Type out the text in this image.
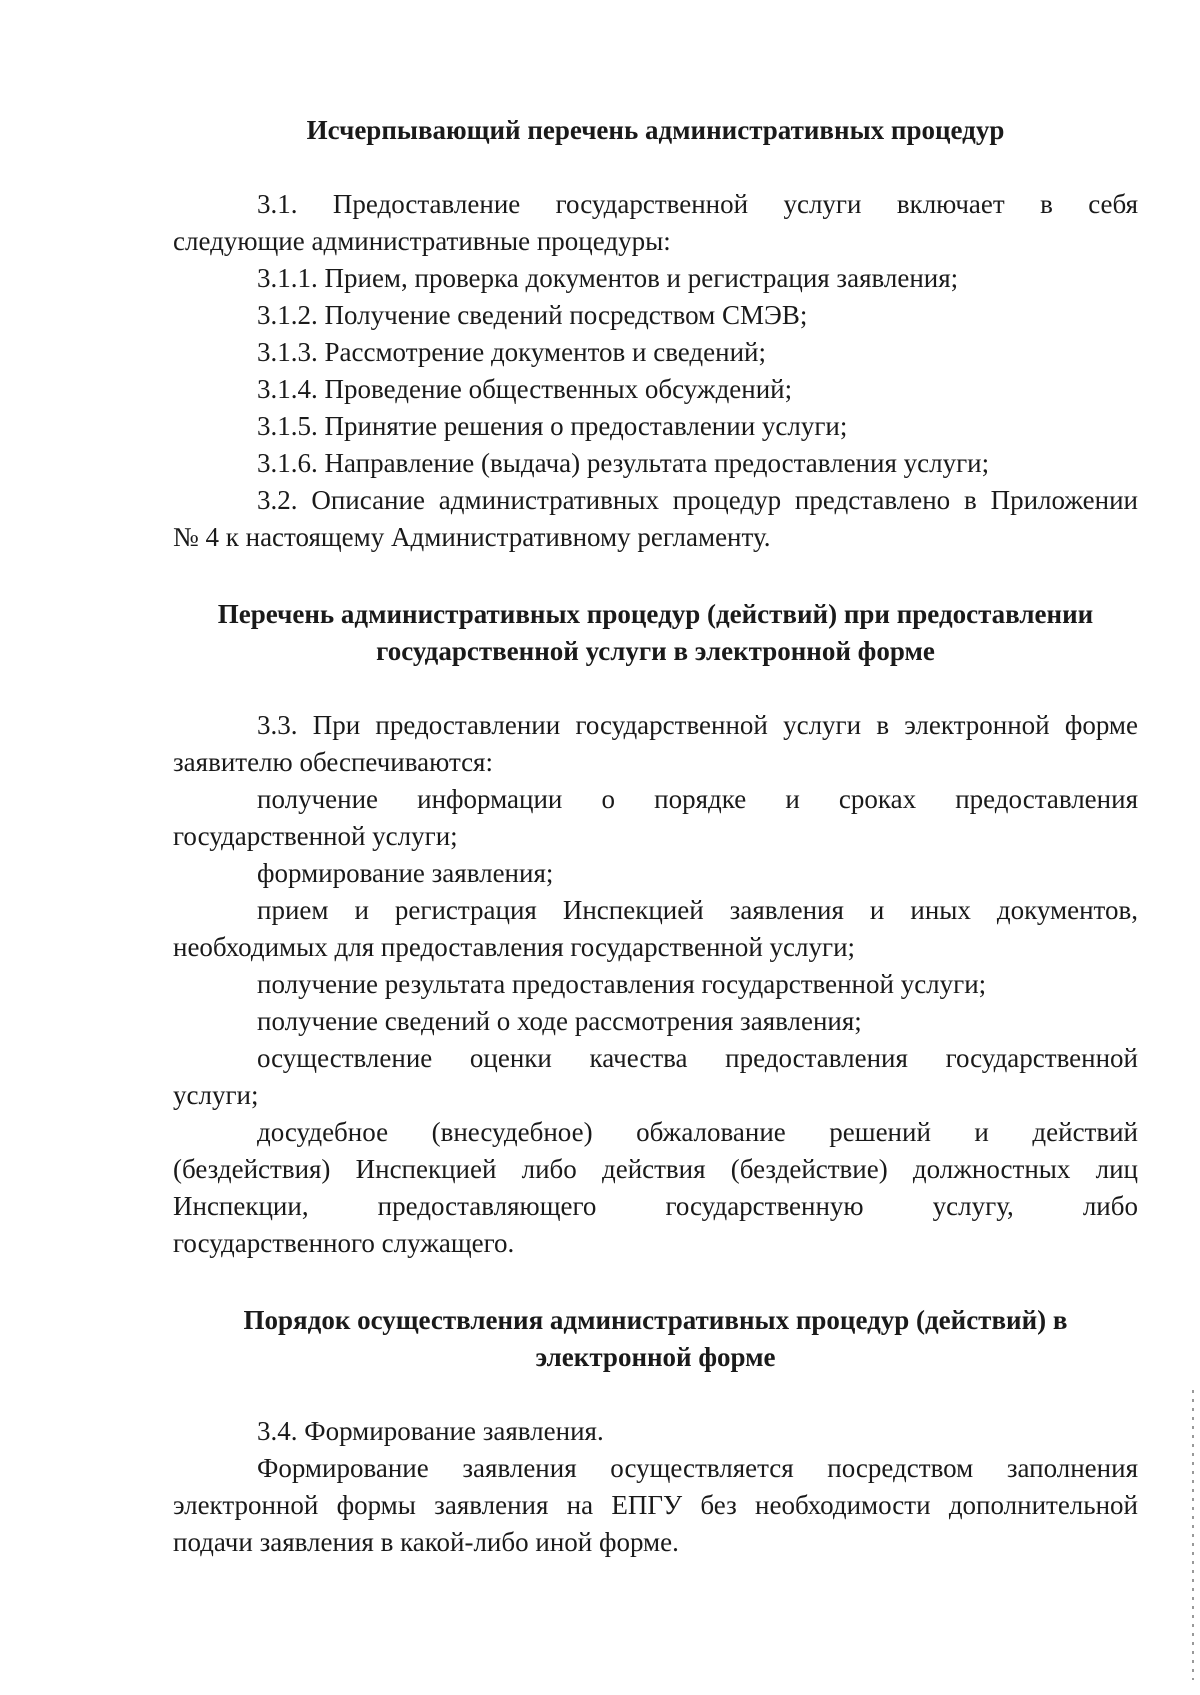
Исчерпывающий перечень административных процедур
3.1. Предоставление государственной услуги включает в себя
следующие административные процедуры:
3.1.1. Прием, проверка документов и регистрация заявления;
3.1.2. Получение сведений посредством СМЭВ;
3.1.3. Рассмотрение документов и сведений;
3.1.4. Проведение общественных обсуждений;
3.1.5. Принятие решения о предоставлении услуги;
3.1.6. Направление (выдача) результата предоставления услуги;
3.2. Описание административных процедур представлено в Приложении
№ 4 к настоящему Административному регламенту.
Перечень административных процедур (действий) при предоставлении
государственной услуги в электронной форме
3.3. При предоставлении государственной услуги в электронной форме
заявителю обеспечиваются:
получение информации о порядке и сроках предоставления
государственной услуги;
формирование заявления;
прием и регистрация Инспекцией заявления и иных документов,
необходимых для предоставления государственной услуги;
получение результата предоставления государственной услуги;
получение сведений о ходе рассмотрения заявления;
осуществление оценки качества предоставления государственной
услуги;
досудебное (внесудебное) обжалование решений и действий
(бездействия) Инспекцией либо действия (бездействие) должностных лиц
Инспекции, предоставляющего государственную услугу, либо
государственного служащего.
Порядок осуществления административных процедур (действий) в
электронной форме
3.4. Формирование заявления.
Формирование заявления осуществляется посредством заполнения
электронной формы заявления на ЕПГУ без необходимости дополнительной
подачи заявления в какой-либо иной форме.
